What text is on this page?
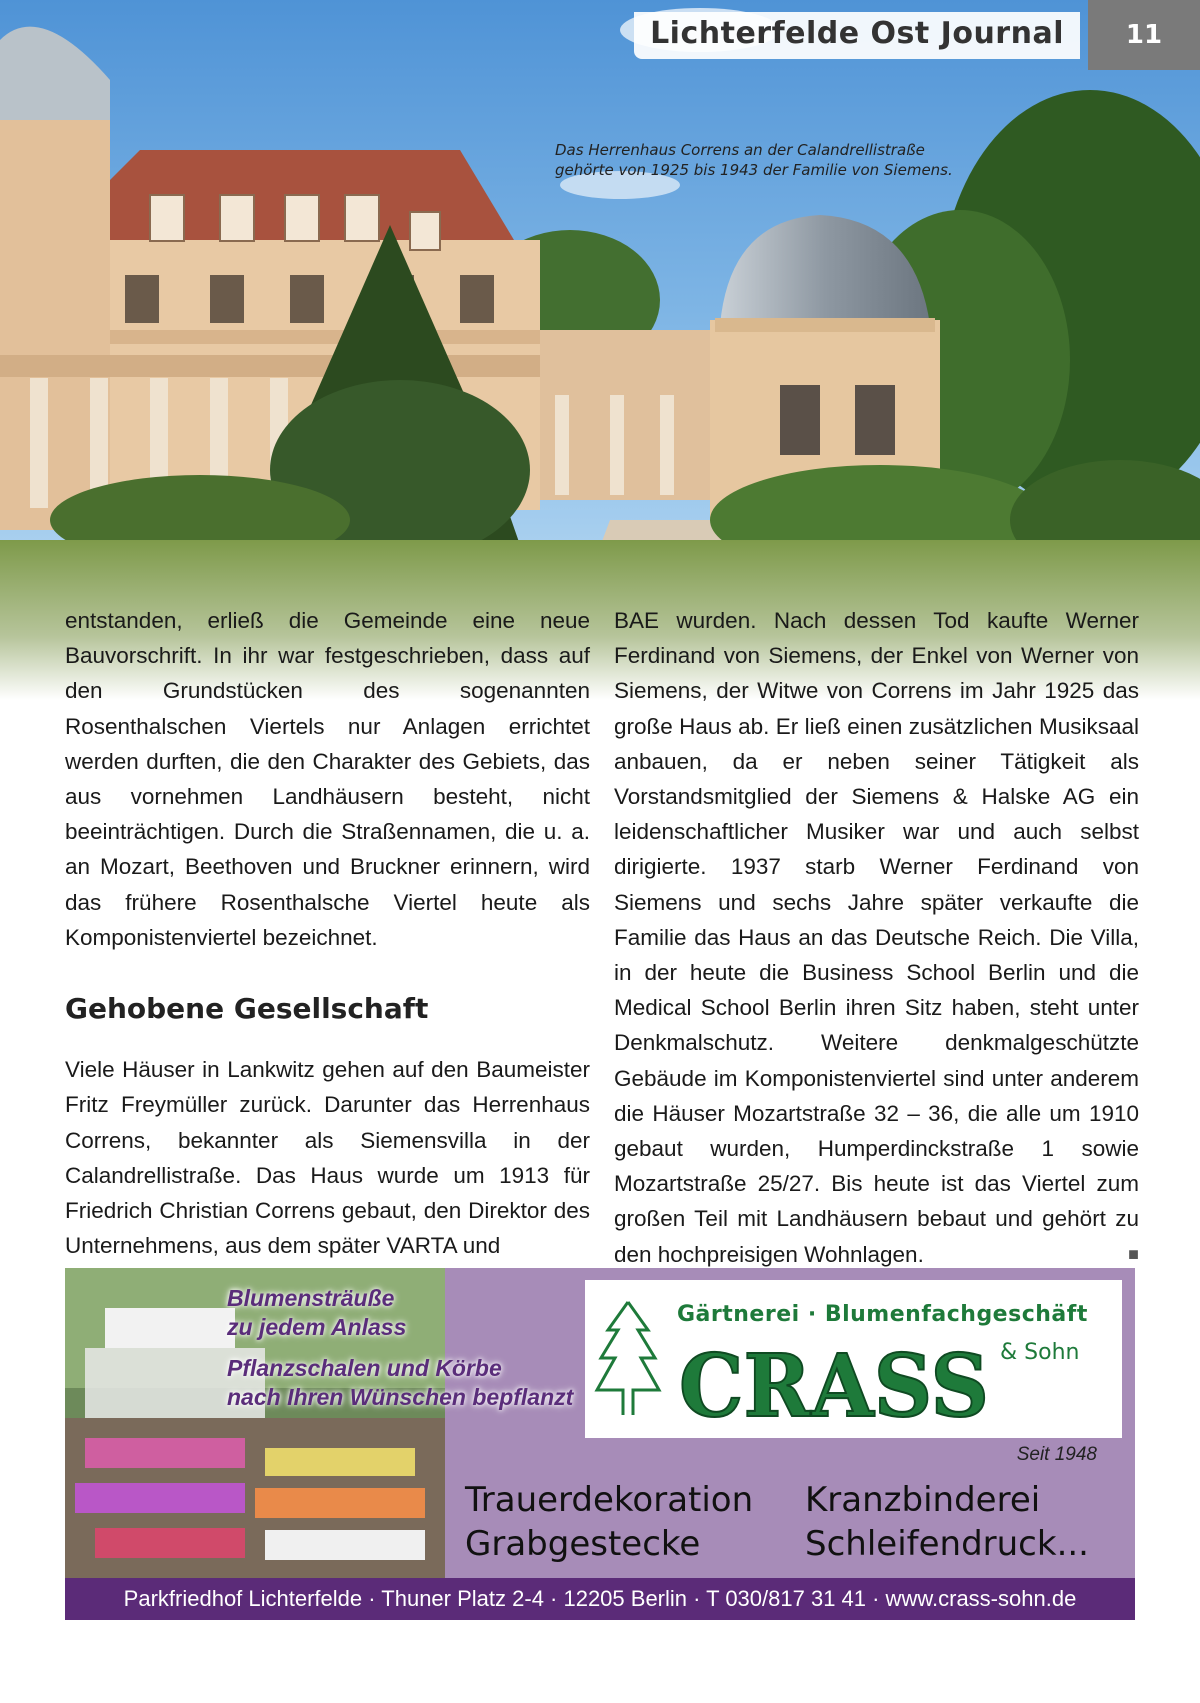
Das Herrenhaus Correns an der Calandrellistraße
gehörte von 1925 bis 1943 der Familie von Siemens.
Lichterfelde Ost Journal	11

entstanden, erließ die Gemeinde eine neue Bauvorschrift. In ihr war festgeschrieben, dass auf den Grundstücken des sogenannten Rosenthalschen Viertels nur Anlagen errichtet werden durften, die den Charakter des Gebiets, das aus vornehmen Landhäusern besteht, nicht beeinträchtigen. Durch die Straßennamen, die u. a. an Mozart, Beethoven und Bruckner erinnern, wird das frühere Rosenthalsche Viertel heute als Komponistenviertel bezeichnet.

Gehobene Gesellschaft

Viele Häuser in Lankwitz gehen auf den Baumeister Fritz Freymüller zurück. Darunter das Herrenhaus Correns, bekannter als Siemensvilla in der Calandrellistraße. Das Haus wurde um 1913 für Friedrich Christian Correns gebaut, den Direktor des Unternehmens, aus dem später VARTA und

BAE wurden. Nach dessen Tod kaufte Werner Ferdinand von Siemens, der Enkel von Werner von Siemens, der Witwe von Correns im Jahr 1925 das große Haus ab. Er ließ einen zusätzlichen Musiksaal anbauen, da er neben seiner Tätigkeit als Vorstandsmitglied der Siemens & Halske AG ein leidenschaftlicher Musiker war und auch selbst dirigierte. 1937 starb Werner Ferdinand von Siemens und sechs Jahre später verkaufte die Familie das Haus an das Deutsche Reich. Die Villa, in der heute die Business School Berlin und die Medical School Berlin ihren Sitz haben, steht unter Denkmalschutz. Weitere denkmalgeschützte Gebäude im Komponistenviertel sind unter anderem die Häuser Mozartstraße 32 – 36, die alle um 1910 gebaut wurden, Humperdinckstraße 1 sowie Mozartstraße 25/27. Bis heute ist das Viertel zum großen Teil mit Landhäusern bebaut und gehört zu den hochpreisigen Wohnlagen.	■

Blumensträuße
zu jedem Anlass
Pflanzschalen und Körbe
nach Ihren Wünschen bepflanzt
Gärtnerei · Blumenfachgeschäft
CRASS & Sohn
Seit 1948
Trauerdekoration
Grabgestecke
Kranzbinderei
Schleifendruck...
Parkfriedhof Lichterfelde · Thuner Platz 2-4 · 12205 Berlin · T 030/817 31 41 · www.crass-sohn.de
